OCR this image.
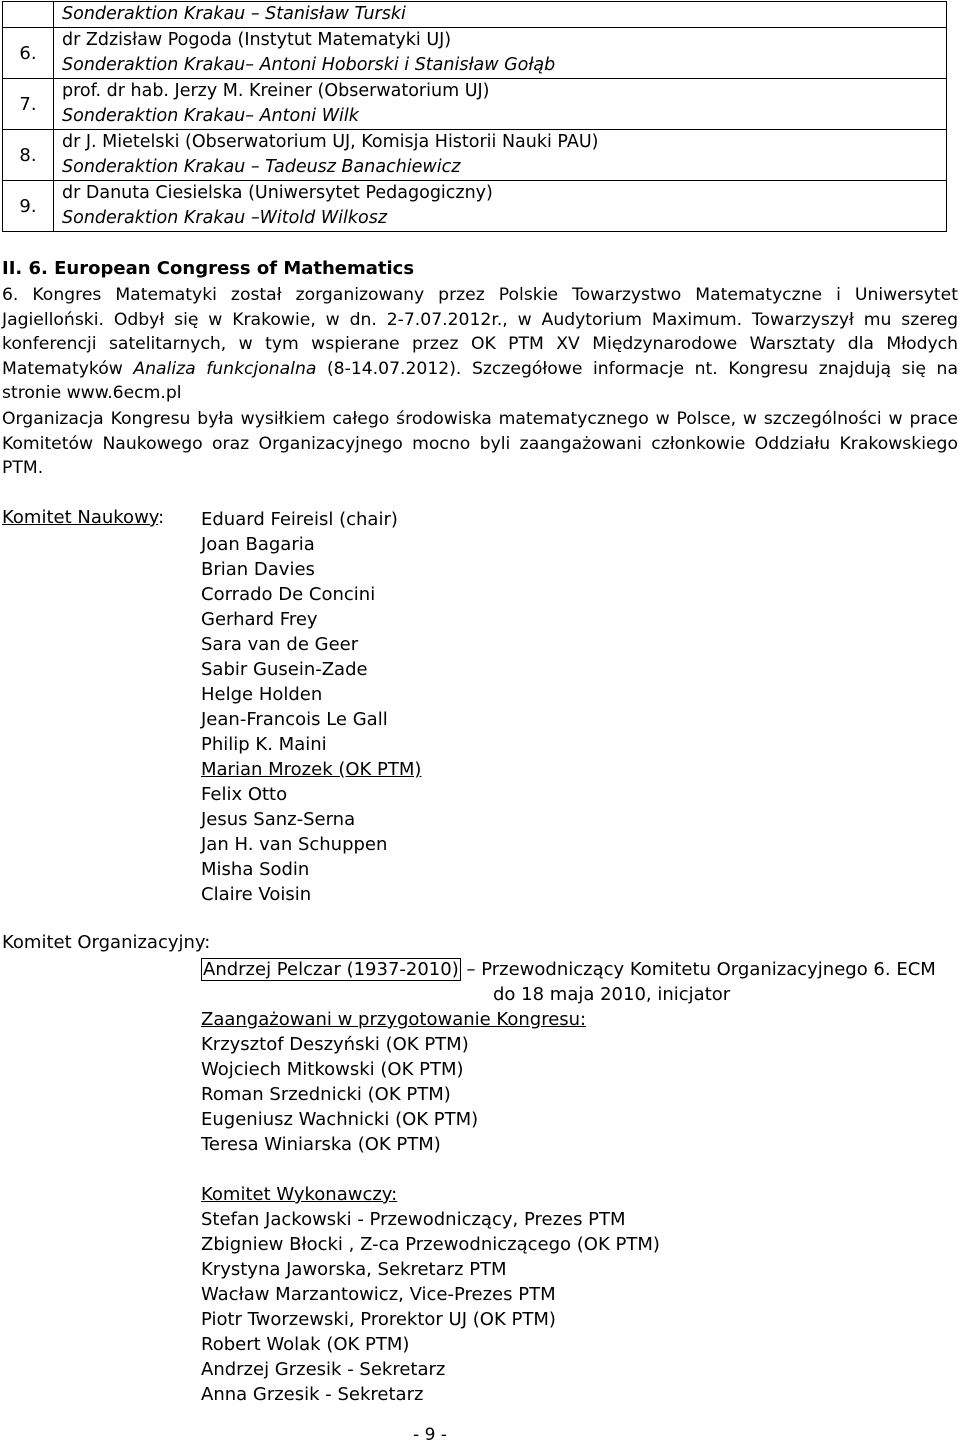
	Sonderaktion Krakau – Stanisław Turski

6.	dr Zdzisław Pogoda (Instytut Matematyki UJ)
Sonderaktion Krakau– Antoni Hoborski i Stanisław Gołąb

7.	prof. dr hab. Jerzy M. Kreiner (Obserwatorium UJ)
Sonderaktion Krakau– Antoni Wilk

8.	dr J. Mietelski (Obserwatorium UJ, Komisja Historii Nauki PAU)
Sonderaktion Krakau – Tadeusz Banachiewicz

9.	dr Danuta Ciesielska (Uniwersytet Pedagogiczny)
Sonderaktion Krakau –Witold Wilkosz
II. 6. European Congress of Mathematics
6. Kongres Matematyki został zorganizowany przez Polskie Towarzystwo Matematyczne i Uniwersytet Jagielloński. Odbył się w Krakowie, w dn. 2-7.07.2012r., w Audytorium Maximum. Towarzyszył mu szereg konferencji satelitarnych, w tym wspierane przez OK PTM XV Międzynarodowe Warsztaty dla Młodych Matematyków Analiza funkcjonalna (8-14.07.2012). Szczegółowe informacje nt. Kongresu znajdują się na stronie www.6ecm.pl
Organizacja Kongresu była wysiłkiem całego środowiska matematycznego w Polsce, w szczególności w prace Komitetów Naukowego oraz Organizacyjnego mocno byli zaangażowani członkowie Oddziału Krakowskiego PTM.
Komitet Naukowy: Eduard Feireisl (chair)
Joan Bagaria
Brian Davies
Corrado De Concini
Gerhard Frey
Sara van de Geer
Sabir Gusein-Zade
Helge Holden
Jean-Francois Le Gall
Philip K. Maini
Marian Mrozek (OK PTM)
Felix Otto
Jesus Sanz-Serna
Jan H. van Schuppen
Misha Sodin
Claire Voisin
Komitet Organizacyjny:
Andrzej Pelczar (1937-2010) – Przewodniczący Komitetu Organizacyjnego 6. ECM
do 18 maja 2010, inicjator
Zaangażowani w przygotowanie Kongresu:
Krzysztof Deszyński (OK PTM)
Wojciech Mitkowski (OK PTM)
Roman Srzednicki (OK PTM)
Eugeniusz Wachnicki (OK PTM)
Teresa Winiarska (OK PTM)
Komitet Wykonawczy:
Stefan Jackowski - Przewodniczący, Prezes PTM
Zbigniew Błocki , Z-ca Przewodniczącego (OK PTM)
Krystyna Jaworska, Sekretarz PTM
Wacław Marzantowicz, Vice-Prezes PTM
Piotr Tworzewski, Prorektor UJ (OK PTM)
Robert Wolak (OK PTM)
Andrzej Grzesik - Sekretarz
Anna Grzesik - Sekretarz
- 9 -
